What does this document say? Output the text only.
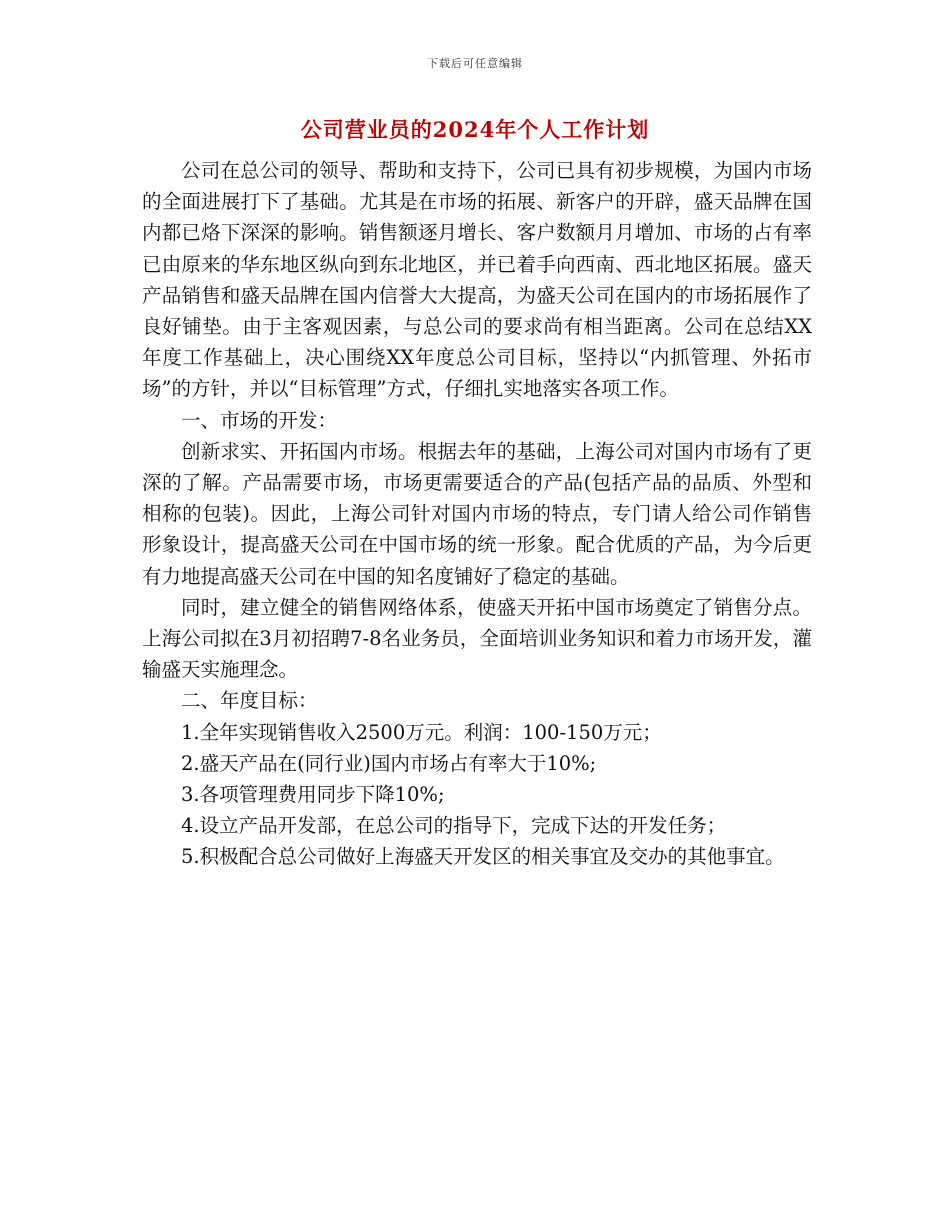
下载后可任意编辑
公司营业员的2024年个人工作计划

公司在总公司的领导、帮助和支持下，公司已具有初步规模，为国内市场的全面进展打下了基础。尤其是在市场的拓展、新客户的开辟，盛天品牌在国内都已烙下深深的影响。销售额逐月增长、客户数额月月增加、市场的占有率已由原来的华东地区纵向到东北地区，并已着手向西南、西北地区拓展。盛天产品销售和盛天品牌在国内信誉大大提高，为盛天公司在国内的市场拓展作了良好铺垫。由于主客观因素，与总公司的要求尚有相当距离。公司在总结XX年度工作基础上，决心围绕XX年度总公司目标，坚持以“内抓管理、外拓市场”的方针，并以“目标管理”方式，仔细扎实地落实各项工作。

一、市场的开发：

创新求实、开拓国内市场。根据去年的基础，上海公司对国内市场有了更深的了解。产品需要市场，市场更需要适合的产品(包括产品的品质、外型和相称的包装)。因此，上海公司针对国内市场的特点，专门请人给公司作销售形象设计，提高盛天公司在中国市场的统一形象。配合优质的产品，为今后更有力地提高盛天公司在中国的知名度铺好了稳定的基础。

同时，建立健全的销售网络体系，使盛天开拓中国市场奠定了销售分点。上海公司拟在3月初招聘7-8名业务员，全面培训业务知识和着力市场开发，灌输盛天实施理念。

二、年度目标：

1.全年实现销售收入2500万元。利润：100-150万元；

2.盛天产品在(同行业)国内市场占有率大于10%;

3.各项管理费用同步下降10%;

4.设立产品开发部，在总公司的指导下，完成下达的开发任务；

5.积极配合总公司做好上海盛天开发区的相关事宜及交办的其他事宜。
